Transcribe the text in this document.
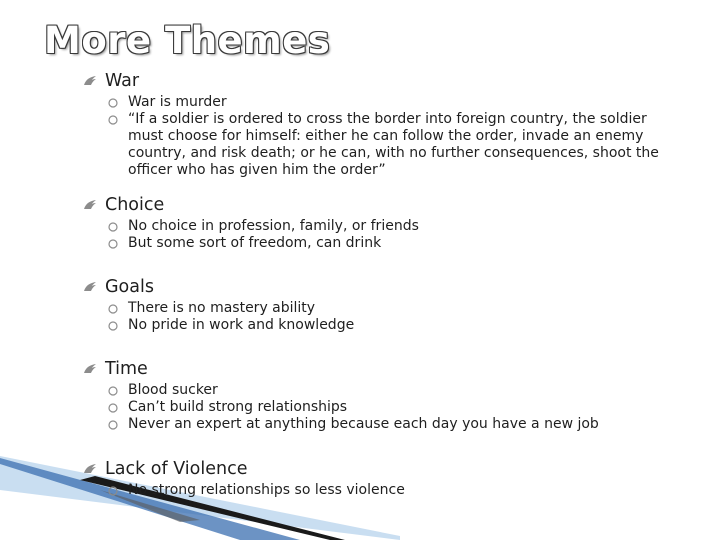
More Themes
War
War is murder
“If a soldier is ordered to cross the border into foreign country, the soldier must choose for himself: either he can follow the order, invade an enemy country, and risk death; or he can, with no further consequences, shoot the officer who has given him the order”
Choice
No choice in profession, family, or friends
But some sort of freedom, can drink
Goals
There is no mastery ability
No pride in work and knowledge
Time
Blood sucker
Can’t build strong relationships
Never an expert at anything because each day you have a new job
Lack of Violence
No strong relationships so less violence
